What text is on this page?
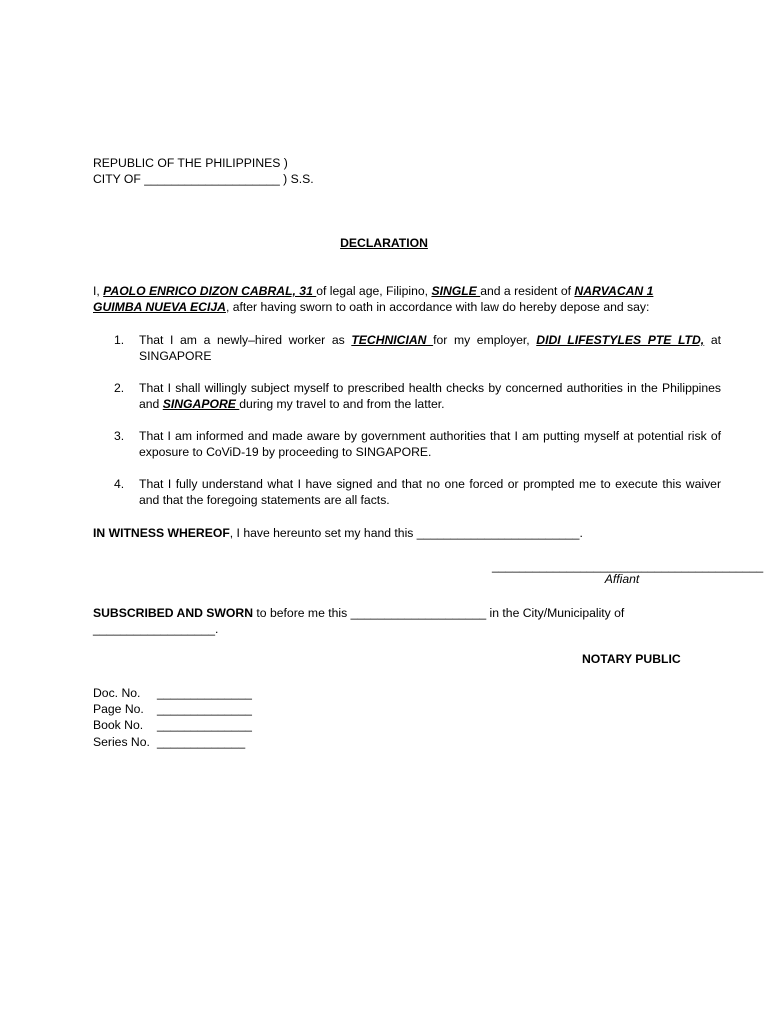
REPUBLIC OF THE PHILIPPINES )
CITY OF ____________________ ) S.S.
DECLARATION
I, PAOLO ENRICO DIZON CABRAL, 31 of legal age, Filipino, SINGLE and a resident of NARVACAN 1
GUIMBA NUEVA ECIJA, after having sworn to oath in accordance with law do hereby depose and say:
1. That I am a newly–hired worker as TECHNICIAN for my employer, DIDI LIFESTYLES PTE LTD, at SINGAPORE
2. That I shall willingly subject myself to prescribed health checks by concerned authorities in the Philippines and SINGAPORE during my travel to and from the latter.
3. That I am informed and made aware by government authorities that I am putting myself at potential risk of exposure to CoViD-19 by proceeding to SINGAPORE.
4. That I fully understand what I have signed and that no one forced or prompted me to execute this waiver and that the foregoing statements are all facts.
IN WITNESS WHEREOF, I have hereunto set my hand this ________________________.
________________________________________
Affiant
SUBSCRIBED AND SWORN to before me this ____________________ in the City/Municipality of
__________________.
NOTARY PUBLIC
Doc. No. ______________
Page No. ______________
Book No. ______________
Series No. _____________
